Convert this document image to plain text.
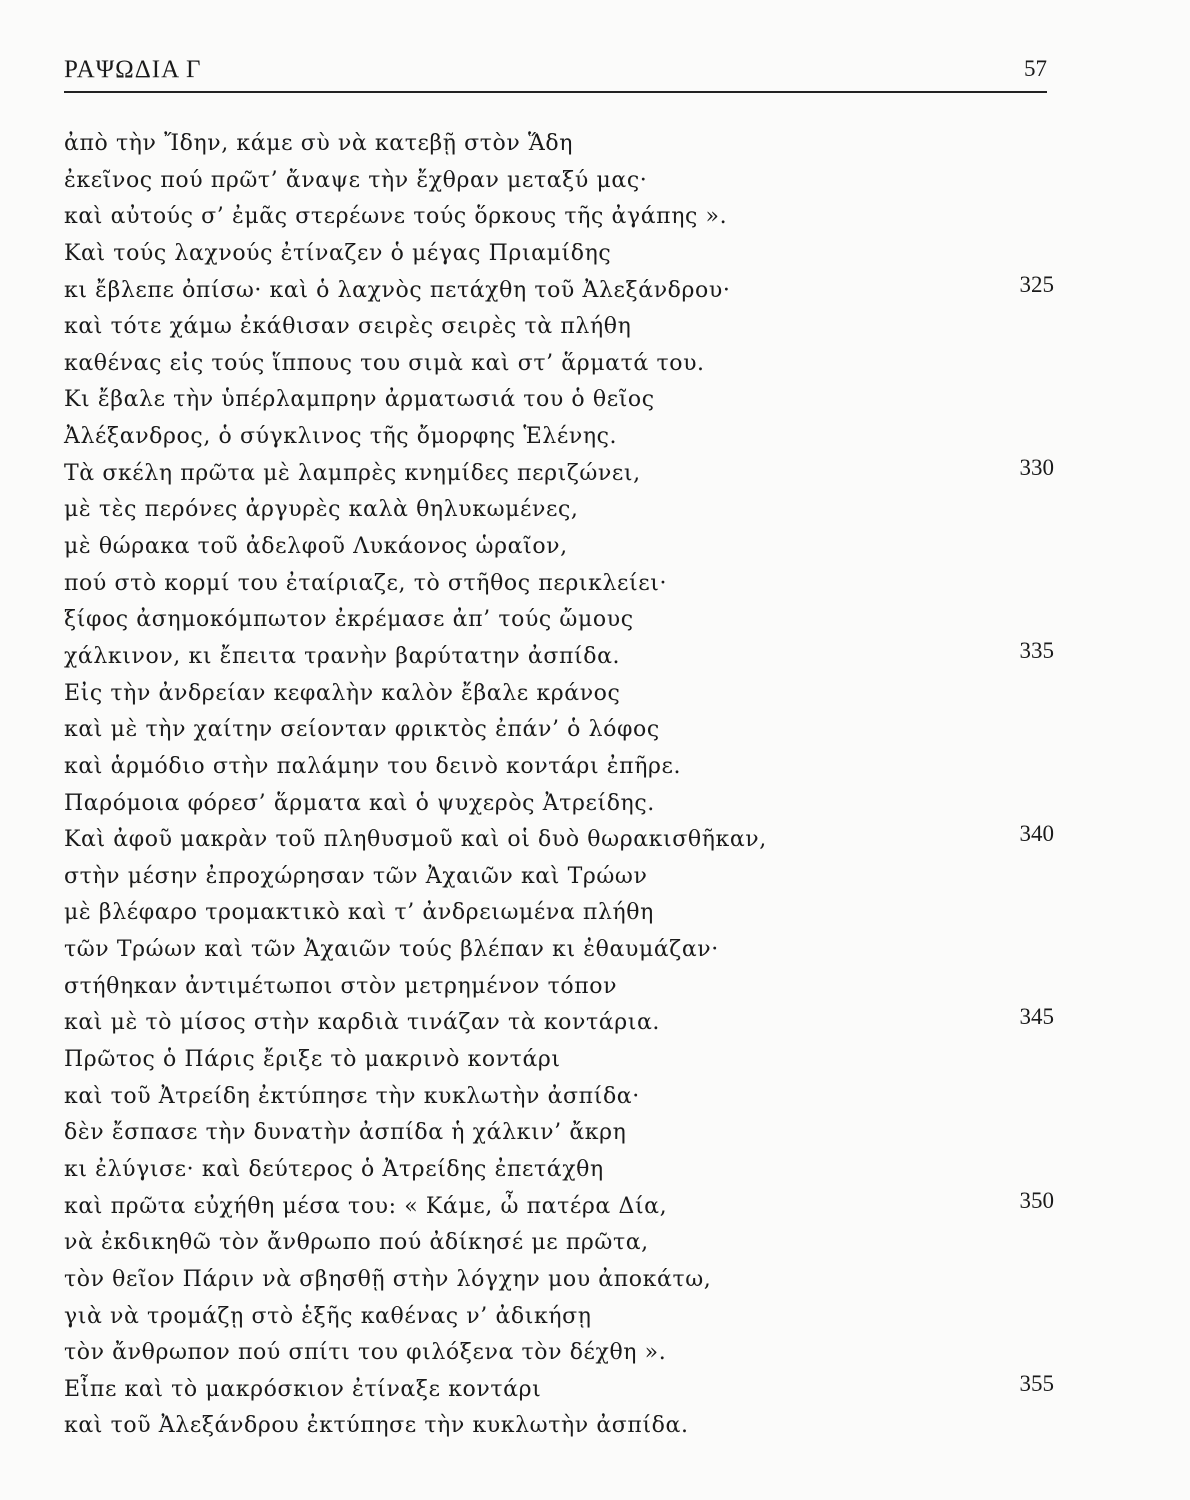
ΡΑΨΩΔΙΑ Γ	57
ἀπὸ τὴν Ἴδην, κάμε σὺ νὰ κατεβῇ στὸν Ἅδη
ἐκεῖνος πού πρῶτ’ ἄναψε τὴν ἔχθραν μεταξύ μας·
καὶ αὐτούς σ’ ἐμᾶς στερέωνε τούς ὅρκους τῆς ἀγάπης ».
Καὶ τούς λαχνούς ἐτίναζεν ὁ μέγας Πριαμίδης
κι ἔβλεπε ὀπίσω· καὶ ὁ λαχνὸς πετάχθη τοῦ Ἀλεξάνδρου·	325
καὶ τότε χάμω ἐκάθισαν σειρὲς σειρὲς τὰ πλήθη
καθένας εἰς τούς ἵππους του σιμὰ καὶ στ’ ἅρματά του.
Κι ἔβαλε τὴν ὑπέρλαμπρην ἀρματωσιά του ὁ θεῖος
Ἀλέξανδρος, ὁ σύγκλινος τῆς ὄμορφης Ἑλένης.
Τὰ σκέλη πρῶτα μὲ λαμπρὲς κνημίδες περιζώνει,	330
μὲ τὲς περόνες ἀργυρὲς καλὰ θηλυκωμένες,
μὲ θώρακα τοῦ ἀδελφοῦ Λυκάονος ὡραῖον,
πού στὸ κορμί του ἐταίριαζε, τὸ στῆθος περικλείει·
ξίφος ἀσημοκόμπωτον ἐκρέμασε ἀπ’ τούς ὤμους
χάλκινον, κι ἔπειτα τρανὴν βαρύτατην ἀσπίδα.	335
Εἰς τὴν ἀνδρείαν κεφαλὴν καλὸν ἔβαλε κράνος
καὶ μὲ τὴν χαίτην σείονταν φρικτὸς ἐπάν’ ὁ λόφος
καὶ ἁρμόδιο στὴν παλάμην του δεινὸ κοντάρι ἐπῆρε.
Παρόμοια φόρεσ’ ἅρματα καὶ ὁ ψυχερὸς Ἀτρείδης.
Καὶ ἀφοῦ μακρὰν τοῦ πληθυσμοῦ καὶ οἱ δυὸ θωρακισθῆκαν,	340
στὴν μέσην ἐπροχώρησαν τῶν Ἀχαιῶν καὶ Τρώων
μὲ βλέφαρο τρομακτικὸ καὶ τ’ ἀνδρειωμένα πλήθη
τῶν Τρώων καὶ τῶν Ἀχαιῶν τούς βλέπαν κι ἐθαυμάζαν·
στήθηκαν ἀντιμέτωποι στὸν μετρημένον τόπον
καὶ μὲ τὸ μίσος στὴν καρδιὰ τινάζαν τὰ κοντάρια.	345
Πρῶτος ὁ Πάρις ἔριξε τὸ μακρινὸ κοντάρι
καὶ τοῦ Ἀτρείδη ἐκτύπησε τὴν κυκλωτὴν ἀσπίδα·
δὲν ἔσπασε τὴν δυνατὴν ἀσπίδα ἡ χάλκιν’ ἄκρη
κι ἐλύγισε· καὶ δεύτερος ὁ Ἀτρείδης ἐπετάχθη
καὶ πρῶτα εὐχήθη μέσα του: « Κάμε, ὦ πατέρα Δία,	350
νὰ ἐκδικηθῶ τὸν ἄνθρωπο πού ἀδίκησέ με πρῶτα,
τὸν θεῖον Πάριν νὰ σβησθῇ στὴν λόγχην μου ἀποκάτω,
γιὰ νὰ τρομάζῃ στὸ ἑξῆς καθένας ν’ ἀδικήσῃ
τὸν ἄνθρωπον πού σπίτι του φιλόξενα τὸν δέχθη ».
Εἶπε καὶ τὸ μακρόσκιον ἐτίναξε κοντάρι	355
καὶ τοῦ Ἀλεξάνδρου ἐκτύπησε τὴν κυκλωτὴν ἀσπίδα.
